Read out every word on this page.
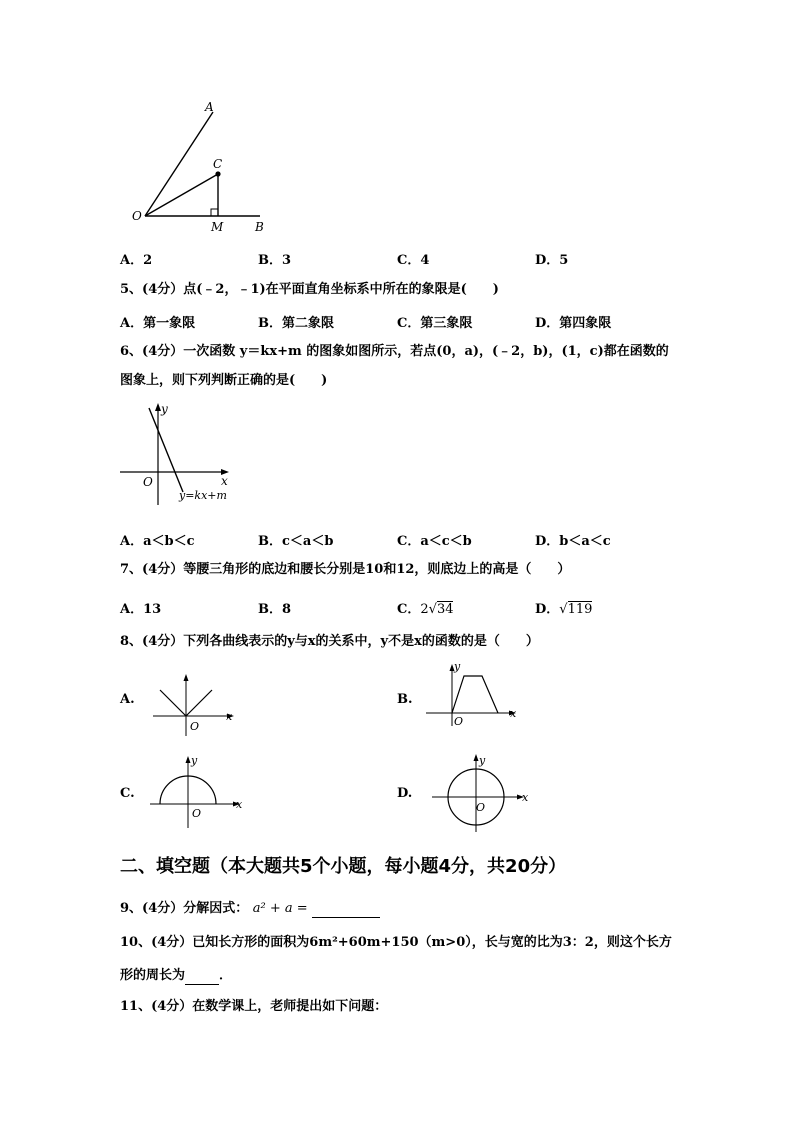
A
C
O
M	B
A．2	B．3	C．4	D．5
5、(4分）点(﹣2，﹣1)在平面直角坐标系中所在的象限是(　　)
A．第一象限	B．第二象限	C．第三象限	D．第四象限
6、(4分）一次函数 y＝kx+m 的图象如图所示，若点(0，a)，(﹣2，b)，(1，c)都在函数的
图象上，则下列判断正确的是(　　)
y
x
O
y=kx+m
A．a＜b＜c	B．c＜a＜b	C．a＜c＜b	D．b＜a＜c
7、(4分）等腰三角形的底边和腰长分别是10和12，则底边上的高是（　　）
A．13	B．8	C．2√34	D．√119
8、(4分）下列各曲线表示的y与x的关系中，y不是x的函数的是（　　）
A.
O
x
B.
y
O
x
C.
y
O
x
D.
y
O
x
二、填空题（本大题共5个小题，每小题4分，共20分）
9、(4分）分解因式： a² + a =
10、(4分）已知长方形的面积为6m²+60m+150（m>0），长与宽的比为3：2，则这个长方
形的周长为	．
11、(4分）在数学课上，老师提出如下问题：
